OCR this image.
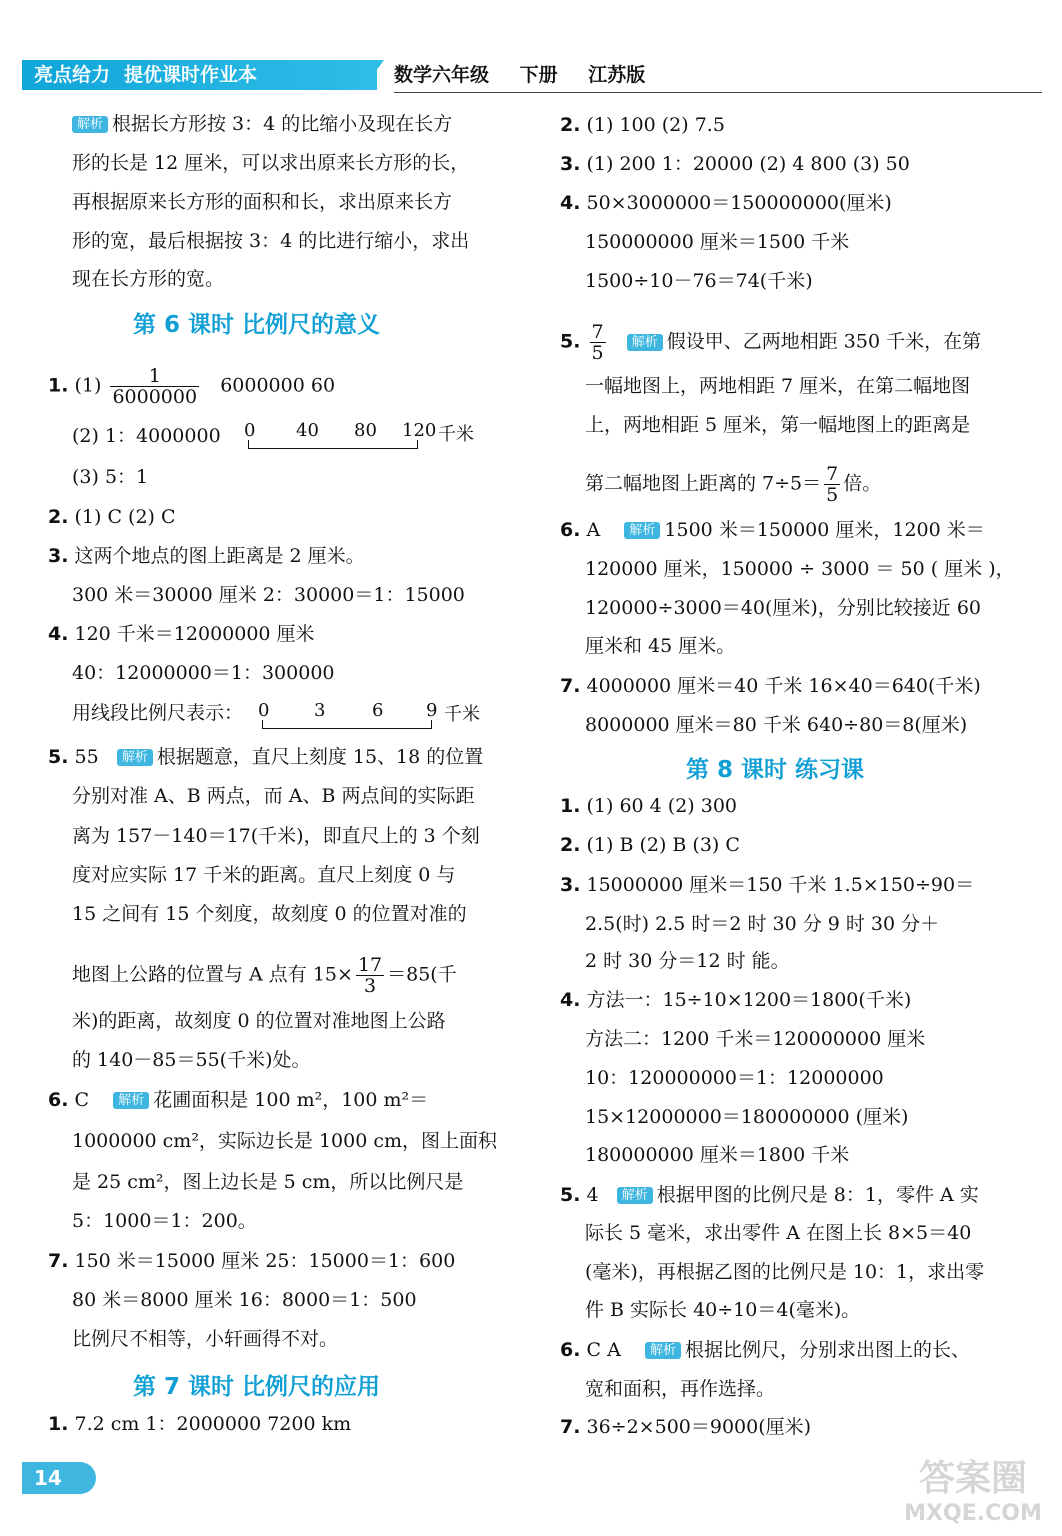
亮点给力 提优课时作业本	数学六年级 下册 江苏版
解析 根据长方形按 3：4 的比缩小及现在长方
形的长是 12 厘米，可以求出原来长方形的长，
再根据原来长方形的面积和长，求出原来长方
形的宽，最后根据按 3：4 的比进行缩小，求出
现在长方形的宽。
第 6 课时 比例尺的意义
1. $(1) \frac{1}{6000000} 6000000$ 60
(2) 1：4000000 0 40 80 120 千米
(3) 5：1
2. (1) C (2) C
3. 这两个地点的图上距离是 2 厘米。
300 米＝30000 厘米 2：30000＝1：15000
4. 120 千米＝12000000 厘米
40：12000000＝1：300000
用线段比例尺表示： 0 3	6 9 千米
5. 55 解析 根据题意，直尺上刻度 15、18 的位置
分别对准 A、B 两点，而 A、B 两点间的实际距
离为 157－140＝17(千米)，即直尺上的 3 个刻
度对应实际 17 千米的距离。直尺上刻度 0 与
15 之间有 15 个刻度，故刻度 0 的位置对准的
地图上公路的位置与 A 点有 $15\times \frac{17}{3} =85$(千
米)的距离，故刻度 0 的位置对准地图上公路
的 140－85＝55(千米)处。
6. C 解析 花圃面积是 100 m²，100 m²＝
1000000 cm²，实际边长是 1000 cm，图上面积
是 25 cm²，图上边长是 5 cm，所以比例尺是
5：1000＝1：200。
7. 150 米＝15000 厘米 25：15000＝1：600
80 米＝8000 厘米 16：8000＝1：500
比例尺不相等，小轩画得不对。
第 7 课时 比例尺的应用
1. 7.2 cm 1：2000000 7200 km
2. (1) 100 (2) 7.5
3. (1) 200 1：20000 (2) 4 800 (3) 50
4. 50×3000000＝150000000(厘米)
150000000 厘米＝1500 千米
1500÷10－76＝74(千米)
5. $\frac{7}{5}$ 解析 假设甲、乙两地相距 350 千米，在第
一幅地图上，两地相距 7 厘米，在第二幅地图
上，两地相距 5 厘米，第一幅地图上的距离是
第二幅地图上距离的 $7\div 5= \frac{7}{5}$ 倍。
6. A 解析 1500 米＝150000 厘米，1200 米＝
120000 厘米，150000 ÷ 3000 ＝ 50 ( 厘米 )，
120000÷3000＝40(厘米)，分别比较接近 60
厘米和 45 厘米。
7. 4000000 厘米＝40 千米 16×40＝640(千米)
8000000 厘米＝80 千米 640÷80＝8(厘米)
第 8 课时 练习课
1. (1) 60 4 (2) 300
2. (1) B (2) B (3) C
3. 15000000 厘米＝150 千米 1.5×150÷90＝
2.5(时) 2.5 时＝2 时 30 分 9 时 30 分＋
2 时 30 分＝12 时 能。
4. 方法一：15÷10×1200＝1800(千米)
方法二：1200 千米＝120000000 厘米
10：120000000＝1：12000000
15×12000000＝180000000 (厘米)
180000000 厘米＝1800 千米
5. 4 解析 根据甲图的比例尺是 8：1，零件 A 实
际长 5 毫米，求出零件 A 在图上长 8×5＝40
(毫米)，再根据乙图的比例尺是 10：1，求出零
件 B 实际长 40÷10＝4(毫米)。
6. C A 解析 根据比例尺，分别求出图上的长、
宽和面积，再作选择。
7. 36÷2×500＝9000(厘米)
14	答案圈
MXQE.COM
